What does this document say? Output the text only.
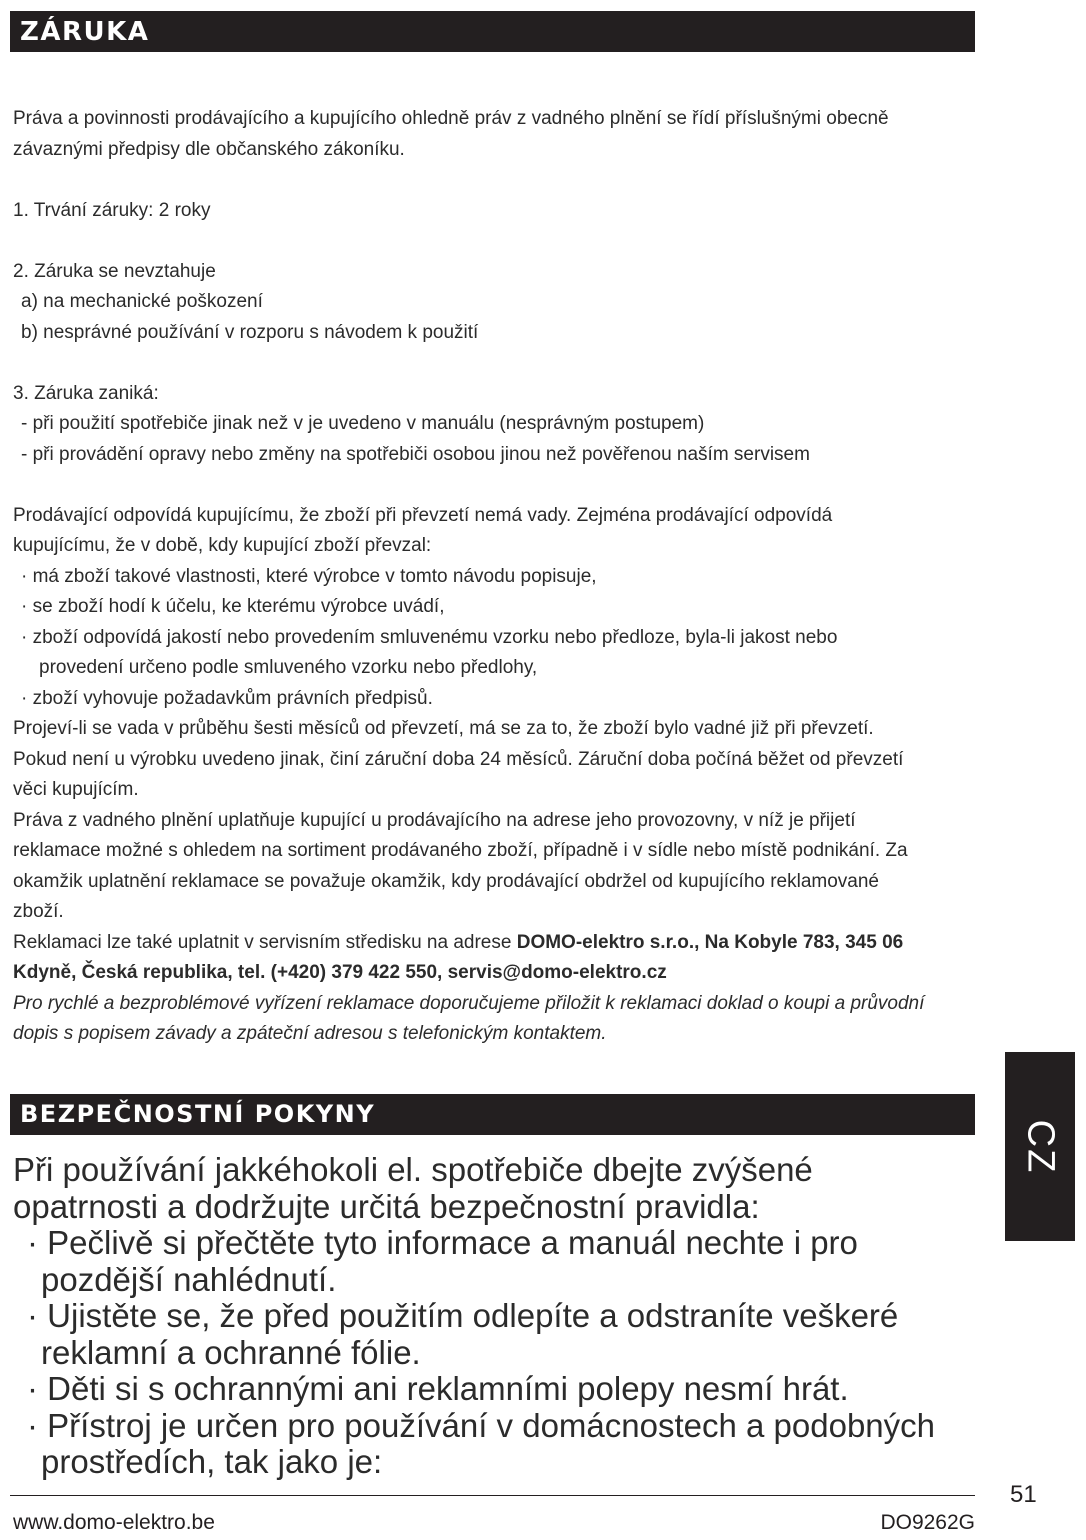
ZÁRUKA

Práva a povinnosti prodávajícího a kupujícího ohledně práv z vadného plnění se řídí příslušnými obecně

závaznými předpisy dle občanského zákoníku.

1. Trvání záruky: 2 roky

2. Záruka se nevztahuje

a) na mechanické poškození

b) nesprávné používání v rozporu s návodem k použití

3. Záruka zaniká:

- při použití spotřebiče jinak než v je uvedeno v manuálu (nesprávným postupem)

- při provádění opravy nebo změny na spotřebiči osobou jinou než pověřenou naším servisem

Prodávající odpovídá kupujícímu, že zboží při převzetí nemá vady. Zejména prodávající odpovídá

kupujícímu, že v době, kdy kupující zboží převzal:

· má zboží takové vlastnosti, které výrobce v tomto návodu popisuje,

· se zboží hodí k účelu, ke kterému výrobce uvádí,

· zboží odpovídá jakostí nebo provedením smluvenému vzorku nebo předloze, byla-li jakost nebo

provedení určeno podle smluveného vzorku nebo předlohy,

· zboží vyhovuje požadavkům právních předpisů.

Projeví-li se vada v průběhu šesti měsíců od převzetí, má se za to, že zboží bylo vadné již při převzetí.

Pokud není u výrobku uvedeno jinak, činí záruční doba 24 měsíců. Záruční doba počíná běžet od převzetí

věci kupujícím.

Práva z vadného plnění uplatňuje kupující u prodávajícího na adrese jeho provozovny, v níž je přijetí

reklamace možné s ohledem na sortiment prodávaného zboží, případně i v sídle nebo místě podnikání. Za

okamžik uplatnění reklamace se považuje okamžik, kdy prodávající obdržel od kupujícího reklamované

zboží.

Reklamaci lze také uplatnit v servisním středisku na adrese DOMO-elektro s.r.o., Na Kobyle 783, 345 06

Kdyně, Česká republika, tel. (+420) 379 422 550, servis@domo-elektro.cz

Pro rychlé a bezproblémové vyřízení reklamace doporučujeme přiložit k reklamaci doklad o koupi a průvodní

dopis s popisem závady a zpáteční adresou s telefonickým kontaktem.

BEZPEČNOSTNÍ POKYNY

Při používání jakkéhokoli el. spotřebiče dbejte zvýšené

opatrnosti a dodržujte určitá bezpečnostní pravidla:

· Pečlivě si přečtěte tyto informace a manuál nechte i pro

pozdější nahlédnutí.

· Ujistěte se, že před použitím odlepíte a odstraníte veškeré

reklamní a ochranné fólie.

· Děti si s ochrannými ani reklamními polepy nesmí hrát.

· Přístroj je určen pro používání v domácnostech a podobných

prostředích, tak jako je:

CZ
51
www.domo-elektro.be	DO9262G
